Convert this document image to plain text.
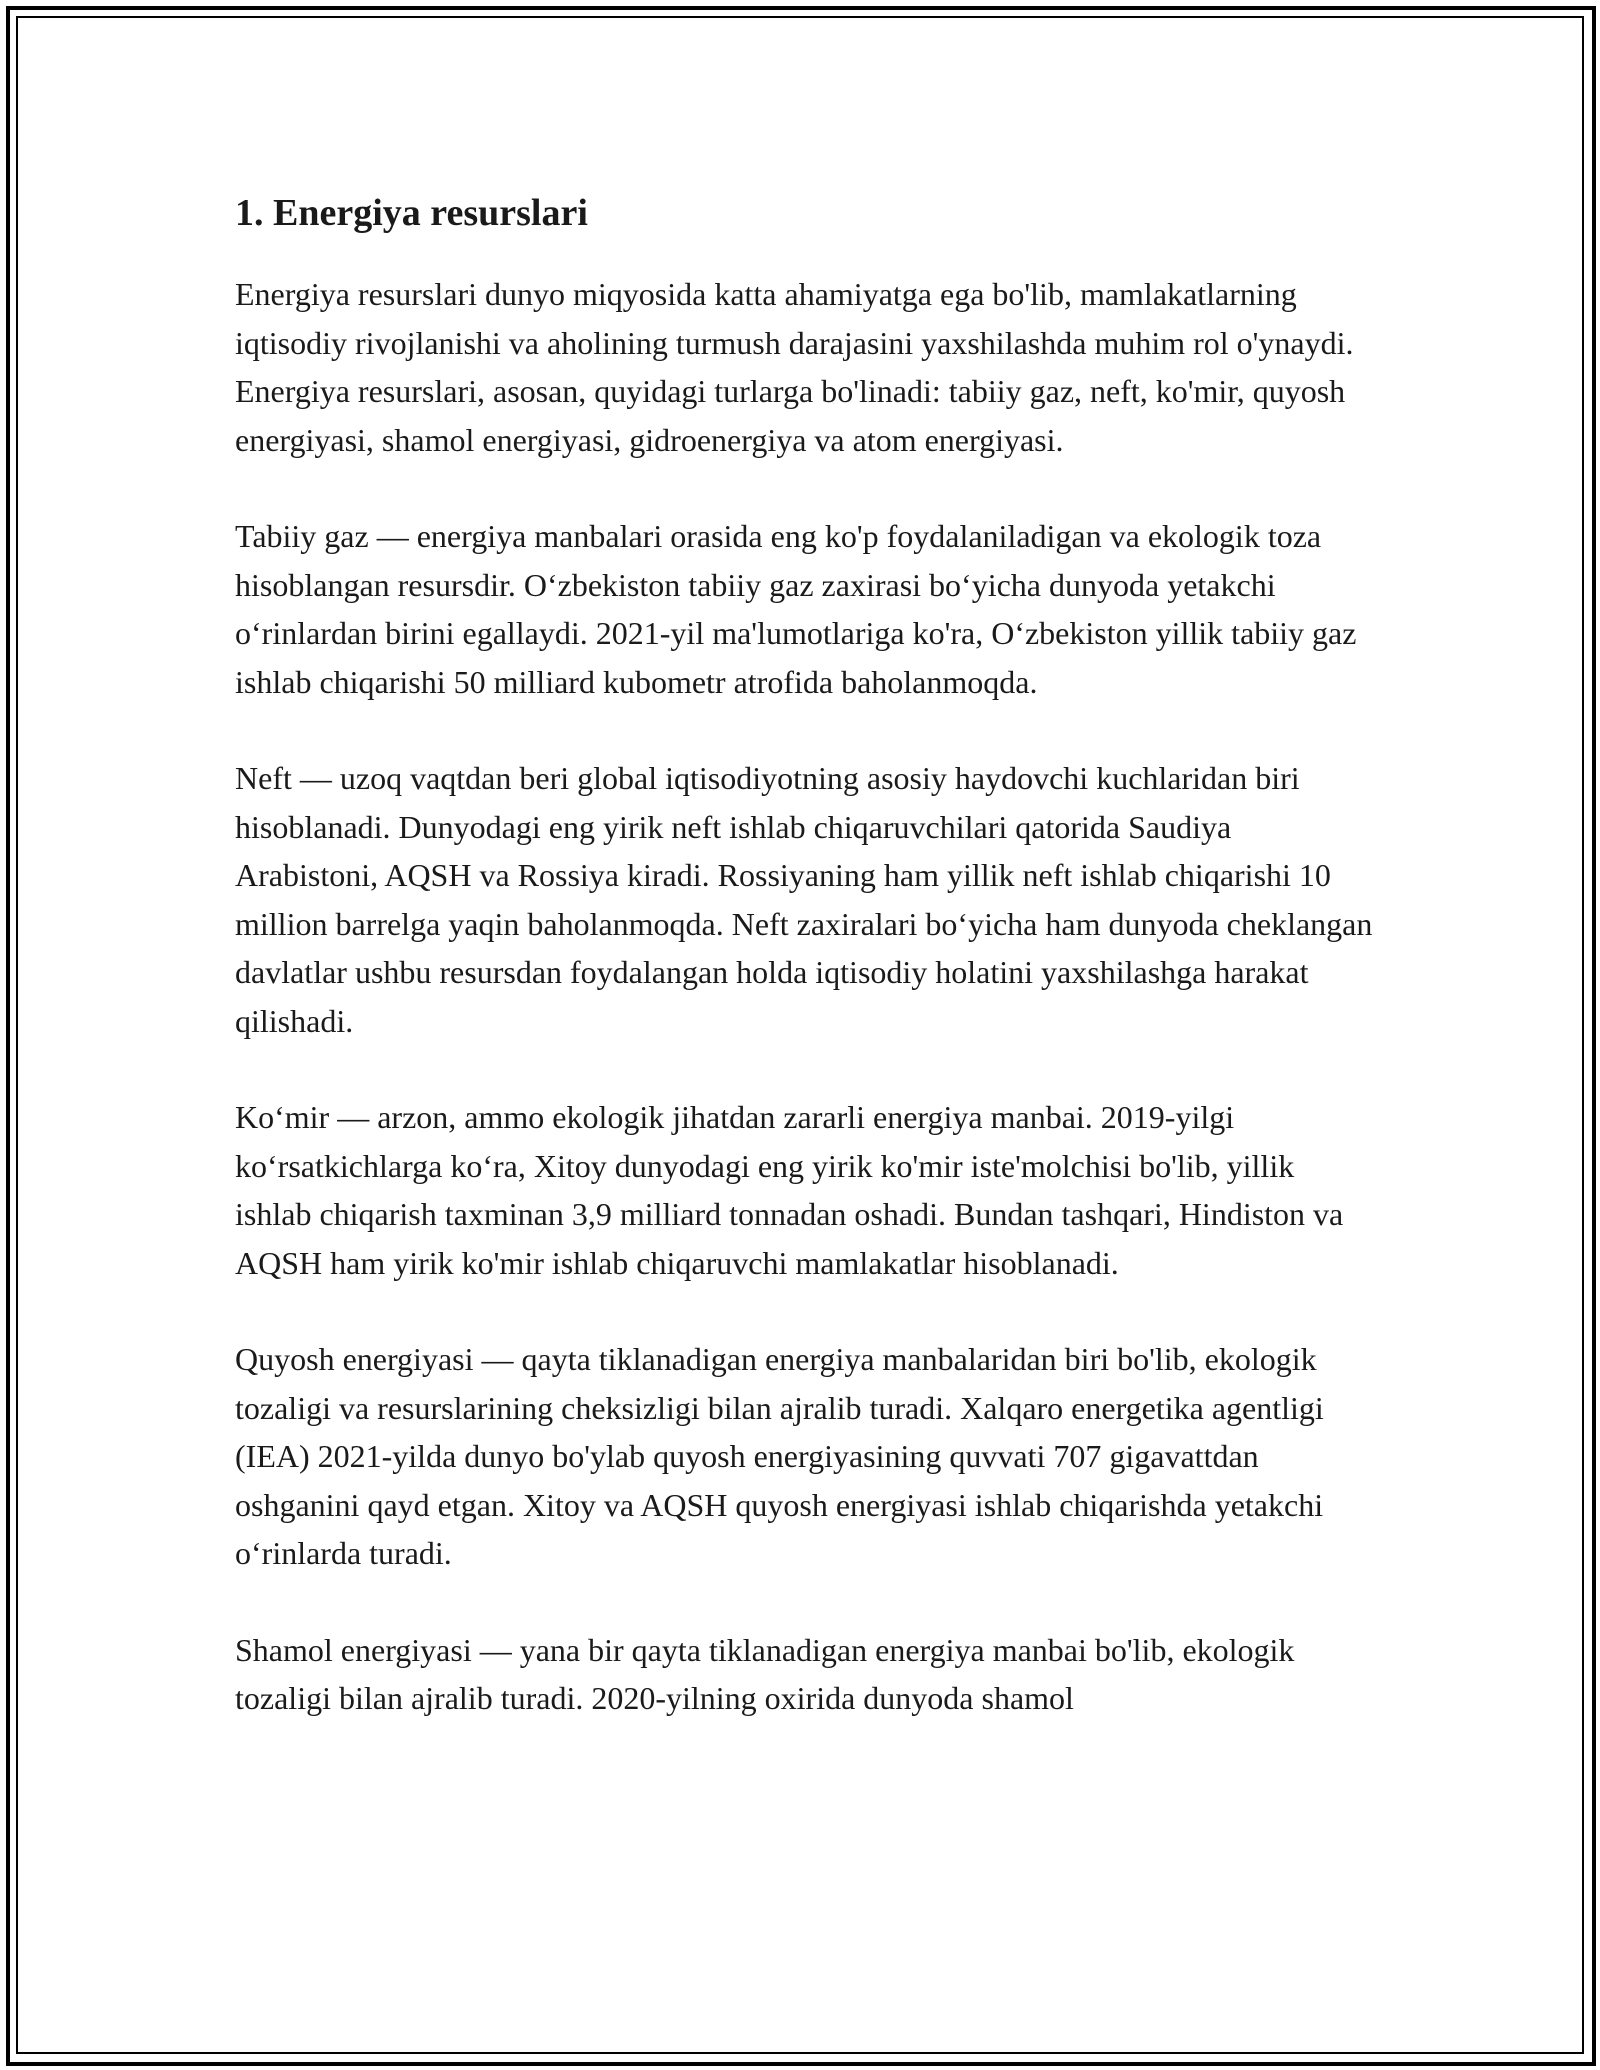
1. Energiya resurslari

Energiya resurslari dunyo miqyosida katta ahamiyatga ega bo'lib, mamlakatlarning iqtisodiy rivojlanishi va aholining turmush darajasini yaxshilashda muhim rol o'ynaydi. Energiya resurslari, asosan, quyidagi turlarga bo'linadi: tabiiy gaz, neft, ko'mir, quyosh energiyasi, shamol energiyasi, gidroenergiya va atom energiyasi.

Tabiiy gaz — energiya manbalari orasida eng ko'p foydalaniladigan va ekologik toza hisoblangan resursdir. O‘zbekiston tabiiy gaz zaxirasi bo‘yicha dunyoda yetakchi o‘rinlardan birini egallaydi. 2021-yil ma'lumotlariga ko'ra, O‘zbekiston yillik tabiiy gaz ishlab chiqarishi 50 milliard kubometr atrofida baholanmoqda.

Neft — uzoq vaqtdan beri global iqtisodiyotning asosiy haydovchi kuchlaridan biri hisoblanadi. Dunyodagi eng yirik neft ishlab chiqaruvchilari qatorida Saudiya Arabistoni, AQSH va Rossiya kiradi. Rossiyaning ham yillik neft ishlab chiqarishi 10 million barrelga yaqin baholanmoqda. Neft zaxiralari bo‘yicha ham dunyoda cheklangan davlatlar ushbu resursdan foydalangan holda iqtisodiy holatini yaxshilashga harakat qilishadi.

Ko‘mir — arzon, ammo ekologik jihatdan zararli energiya manbai. 2019-yilgi ko‘rsatkichlarga ko‘ra, Xitoy dunyodagi eng yirik ko'mir iste'molchisi bo'lib, yillik ishlab chiqarish taxminan 3,9 milliard tonnadan oshadi. Bundan tashqari, Hindiston va AQSH ham yirik ko'mir ishlab chiqaruvchi mamlakatlar hisoblanadi.

Quyosh energiyasi — qayta tiklanadigan energiya manbalaridan biri bo'lib, ekologik tozaligi va resurslarining cheksizligi bilan ajralib turadi. Xalqaro energetika agentligi (IEA) 2021-yilda dunyo bo'ylab quyosh energiyasining quvvati 707 gigavattdan oshganini qayd etgan. Xitoy va AQSH quyosh energiyasi ishlab chiqarishda yetakchi o‘rinlarda turadi.

Shamol energiyasi — yana bir qayta tiklanadigan energiya manbai bo'lib, ekologik tozaligi bilan ajralib turadi. 2020-yilning oxirida dunyoda shamol
